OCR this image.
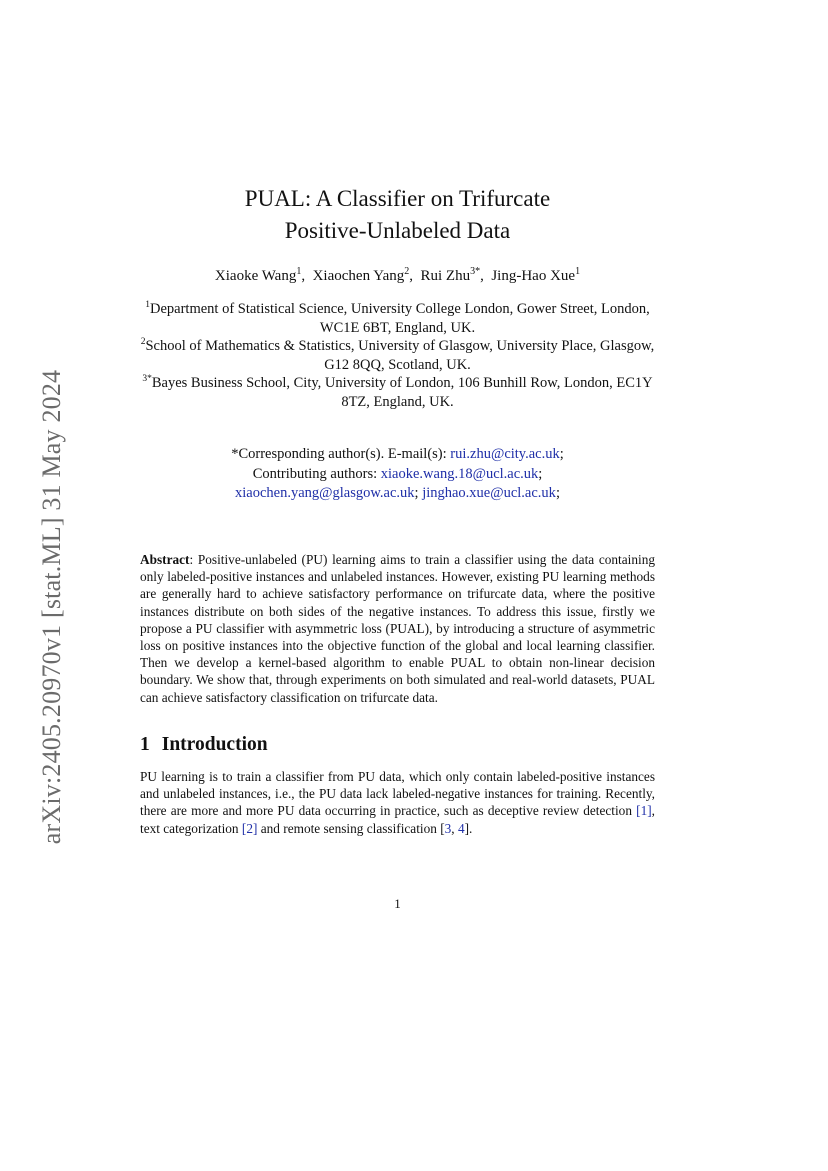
arXiv:2405.20970v1 [stat.ML] 31 May 2024
PUAL: A Classifier on Trifurcate
Positive-Unlabeled Data
Xiaoke Wang$^1$,  Xiaochen Yang$^2$,  Rui Zhu$^{3*}$,  Jing-Hao Xue$^1$

$^1$Department of Statistical Science, University College London, Gower Street, London, WC1E 6BT, England, UK.

$^2$School of Mathematics & Statistics, University of Glasgow, University Place, Glasgow, G12 8QQ, Scotland, UK.

$^{3*}$Bayes Business School, City, University of London, 106 Bunhill Row, London, EC1Y 8TZ, England, UK.

*Corresponding author(s). E-mail(s): rui.zhu@city.ac.uk;
Contributing authors: xiaoke.wang.18@ucl.ac.uk;
xiaochen.yang@glasgow.ac.uk; jinghao.xue@ucl.ac.uk;
Abstract: Positive-unlabeled (PU) learning aims to train a classifier using the data containing only labeled-positive instances and unlabeled instances. However, existing PU learning methods are generally hard to achieve satisfactory performance on trifurcate data, where the positive instances distribute on both sides of the negative instances. To address this issue, firstly we propose a PU classifier with asymmetric loss (PUAL), by introducing a structure of asymmetric loss on positive instances into the objective function of the global and local learning classifier. Then we develop a kernel-based algorithm to enable PUAL to obtain non-linear decision boundary. We show that, through experiments on both simulated and real-world datasets, PUAL can achieve satisfactory classification on trifurcate data.
1 Introduction
PU learning is to train a classifier from PU data, which only contain labeled-positive instances and unlabeled instances, i.e., the PU data lack labeled-negative instances for training. Recently, there are more and more PU data occurring in practice, such as deceptive review detection [1], text categorization [2] and remote sensing classification [3, 4].
1
